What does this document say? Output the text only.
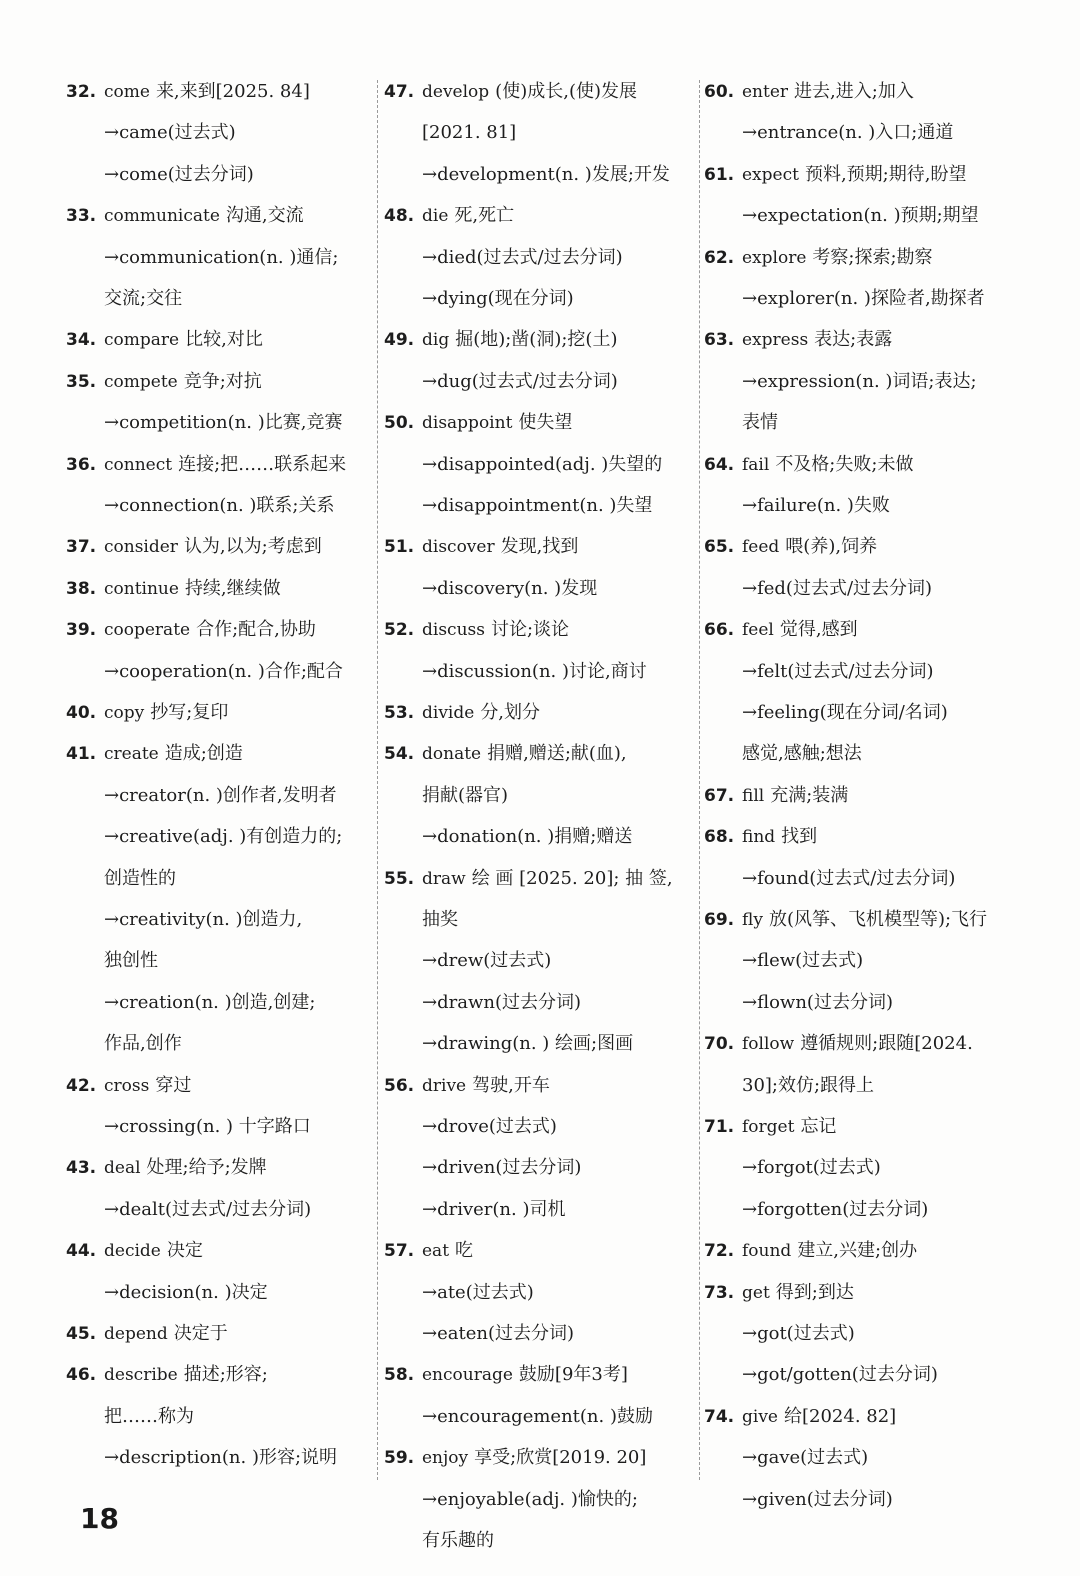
32. come 来,来到[2025. 84]
→came(过去式)
→come(过去分词)
33. communicate 沟通,交流
→communication(n. )通信;
交流;交往
34. compare 比较,对比
35. compete 竞争;对抗
→competition(n. )比赛,竞赛
36. connect 连接;把……联系起来
→connection(n. )联系;关系
37. consider 认为,以为;考虑到
38. continue 持续,继续做
39. cooperate 合作;配合,协助
→cooperation(n. )合作;配合
40. copy 抄写;复印
41. create 造成;创造
→creator(n. )创作者,发明者
→creative(adj. )有创造力的;
创造性的
→creativity(n. )创造力,
独创性
→creation(n. )创造,创建;
作品,创作
42. cross 穿过
→crossing(n. ) 十字路口
43. deal 处理;给予;发牌
→dealt(过去式/过去分词)
44. decide 决定
→decision(n. )决定
45. depend 决定于
46. describe 描述;形容;
把……称为
→description(n. )形容;说明
47. develop (使)成长,(使)发展
[2021. 81]
→development(n. )发展;开发
48. die 死,死亡
→died(过去式/过去分词)
→dying(现在分词)
49. dig 掘(地);凿(洞);挖(土)
→dug(过去式/过去分词)
50. disappoint 使失望
→disappointed(adj. )失望的
→disappointment(n. )失望
51. discover 发现,找到
→discovery(n. )发现
52. discuss 讨论;谈论
→discussion(n. )讨论,商讨
53. divide 分,划分
54. donate 捐赠,赠送;献(血),
捐献(器官)
→donation(n. )捐赠;赠送
55. draw 绘 画 [2025. 20]; 抽 签,
抽奖
→drew(过去式)
→drawn(过去分词)
→drawing(n. ) 绘画;图画
56. drive 驾驶,开车
→drove(过去式)
→driven(过去分词)
→driver(n. )司机
57. eat 吃
→ate(过去式)
→eaten(过去分词)
58. encourage 鼓励[9年3考]
→encouragement(n. )鼓励
59. enjoy 享受;欣赏[2019. 20]
→enjoyable(adj. )愉快的;
有乐趣的
60. enter 进去,进入;加入
→entrance(n. )入口;通道
61. expect 预料,预期;期待,盼望
→expectation(n. )预期;期望
62. explore 考察;探索;勘察
→explorer(n. )探险者,勘探者
63. express 表达;表露
→expression(n. )词语;表达;
表情
64. fail 不及格;失败;未做
→failure(n. )失败
65. feed 喂(养),饲养
→fed(过去式/过去分词)
66. feel 觉得,感到
→felt(过去式/过去分词)
→feeling(现在分词/名词)
感觉,感触;想法
67. fill 充满;装满
68. find 找到
→found(过去式/过去分词)
69. fly 放(风筝、飞机模型等);飞行
→flew(过去式)
→flown(过去分词)
70. follow 遵循规则;跟随[2024.
30];效仿;跟得上
71. forget 忘记
→forgot(过去式)
→forgotten(过去分词)
72. found 建立,兴建;创办
73. get 得到;到达
→got(过去式)
→got/gotten(过去分词)
74. give 给[2024. 82]
→gave(过去式)
→given(过去分词)
18
